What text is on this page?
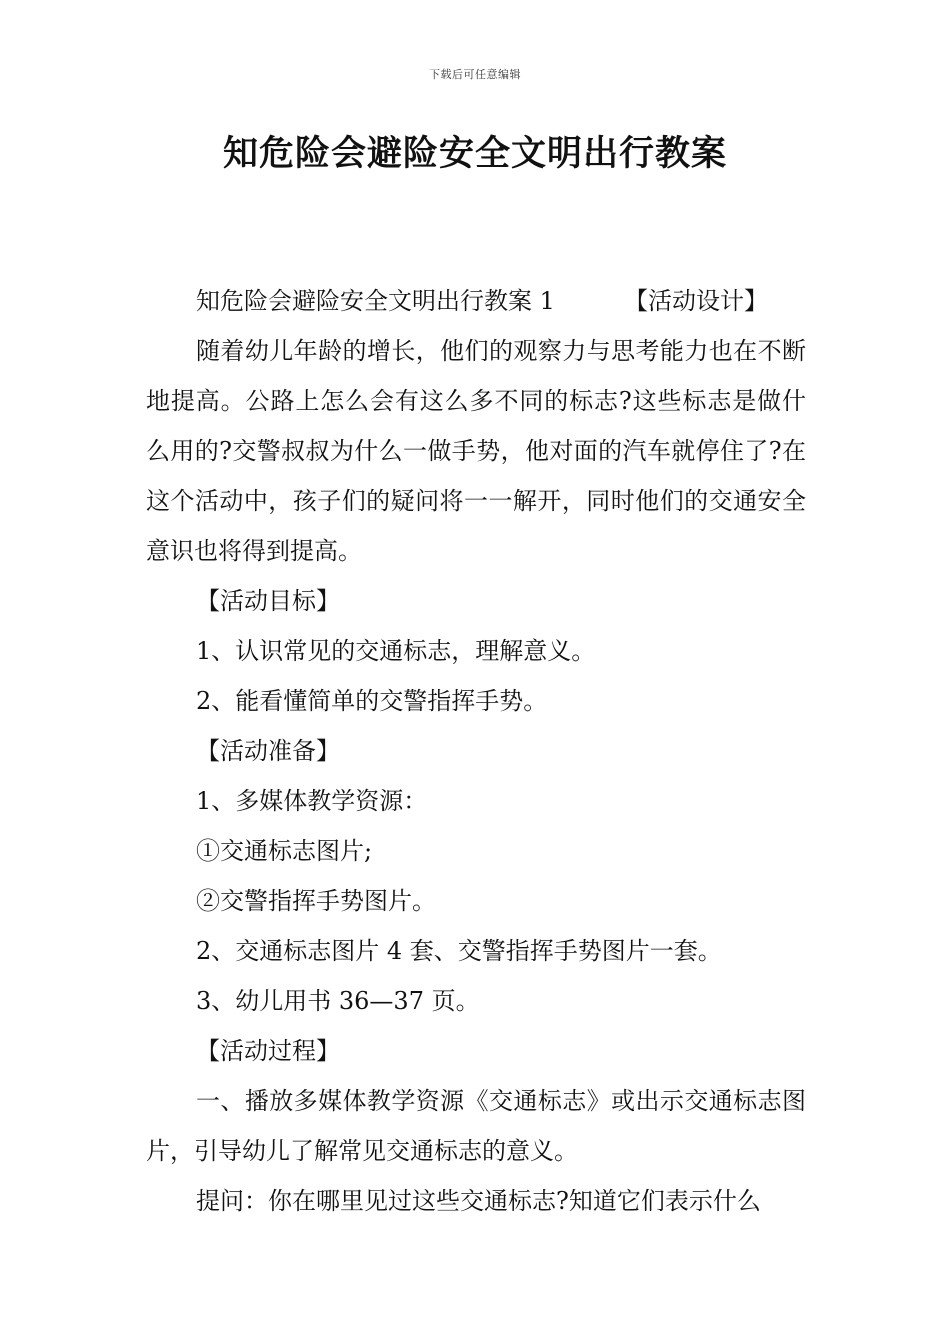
下载后可任意编辑
知危险会避险安全文明出行教案
知危险会避险安全文明出行教案 1	【活动设计】

随着幼儿年龄的增长，他们的观察力与思考能力也在不断地提高。公路上怎么会有这么多不同的标志?这些标志是做什么用的?交警叔叔为什么一做手势，他对面的汽车就停住了?在这个活动中，孩子们的疑问将一一解开，同时他们的交通安全意识也将得到提高。

【活动目标】

1、认识常见的交通标志，理解意义。

2、能看懂简单的交警指挥手势。

【活动准备】

1、多媒体教学资源：

①交通标志图片;

②交警指挥手势图片。

2、交通标志图片 4 套、交警指挥手势图片一套。

3、幼儿用书 36—37 页。

【活动过程】

一、播放多媒体教学资源《交通标志》或出示交通标志图片，引导幼儿了解常见交通标志的意义。

提问：你在哪里见过这些交通标志?知道它们表示什么
